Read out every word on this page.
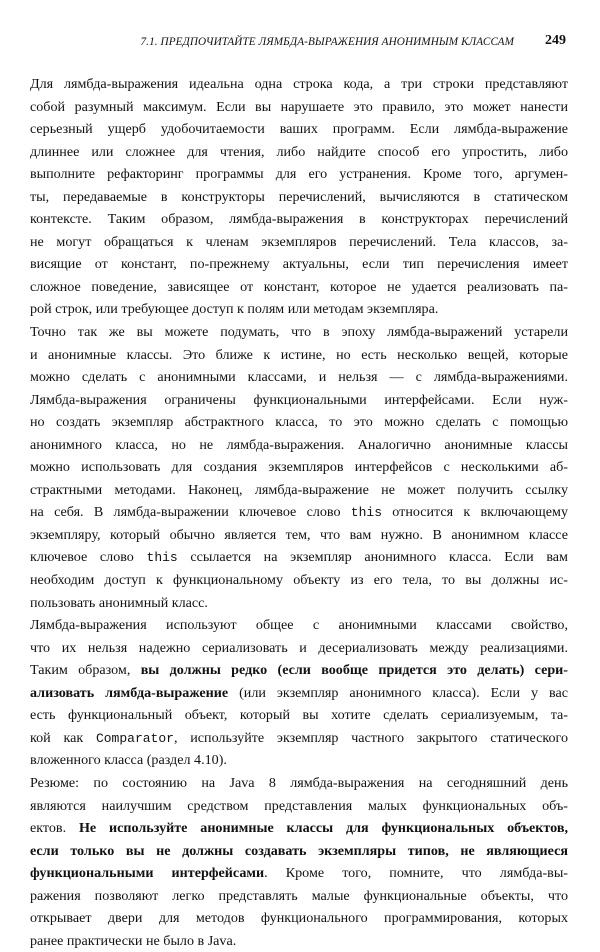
7.1. ПРЕДПОЧИТАЙТЕ ЛЯМБДА-ВЫРАЖЕНИЯ АНОНИМНЫМ КЛАССАМ 249
Для лямбда-выражения идеальна одна строка кода, а три строки представляют
собой разумный максимум. Если вы нарушаете это правило, это может нанести
серьезный ущерб удобочитаемости ваших программ. Если лямбда-выражение
длиннее или сложнее для чтения, либо найдите способ его упростить, либо
выполните рефакторинг программы для его устранения. Кроме того, аргумен-
ты, передаваемые в конструкторы перечислений, вычисляются в статическом
контексте. Таким образом, лямбда-выражения в конструкторах перечислений
не могут обращаться к членам экземпляров перечислений. Тела классов, за-
висящие от констант, по-прежнему актуальны, если тип перечисления имеет
сложное поведение, зависящее от констант, которое не удается реализовать па-
рой строк, или требующее доступ к полям или методам экземпляра.
Точно так же вы можете подумать, что в эпоху лямбда-выражений устарели
и анонимные классы. Это ближе к истине, но есть несколько вещей, которые
можно сделать с анонимными классами, и нельзя — с лямбда-выражениями.
Лямбда-выражения ограничены функциональными интерфейсами. Если нуж-
но создать экземпляр абстрактного класса, то это можно сделать с помощью
анонимного класса, но не лямбда-выражения. Аналогично анонимные классы
можно использовать для создания экземпляров интерфейсов с несколькими аб-
страктными методами. Наконец, лямбда-выражение не может получить ссылку
на себя. В лямбда-выражении ключевое слово this относится к включающему
экземпляру, который обычно является тем, что вам нужно. В анонимном классе
ключевое слово this ссылается на экземпляр анонимного класса. Если вам
необходим доступ к функциональному объекту из его тела, то вы должны ис-
пользовать анонимный класс.
Лямбда-выражения используют общее с анонимными классами свойство,
что их нельзя надежно сериализовать и десериализовать между реализациями.
Таким образом, вы должны редко (если вообще придется это делать) сери-
ализовать лямбда-выражение (или экземпляр анонимного класса). Если у вас
есть функциональный объект, который вы хотите сделать сериализуемым, та-
кой как Comparator, используйте экземпляр частного закрытого статического
вложенного класса (раздел 4.10).
Резюме: по состоянию на Java 8 лямбда-выражения на сегодняшний день
являются наилучшим средством представления малых функциональных объ-
ектов. Не используйте анонимные классы для функциональных объектов,
если только вы не должны создавать экземпляры типов, не являющиеся
функциональными интерфейсами. Кроме того, помните, что лямбда-вы-
ражения позволяют легко представлять малые функциональные объекты, что
открывает двери для методов функционального программирования, которых
ранее практически не было в Java.
